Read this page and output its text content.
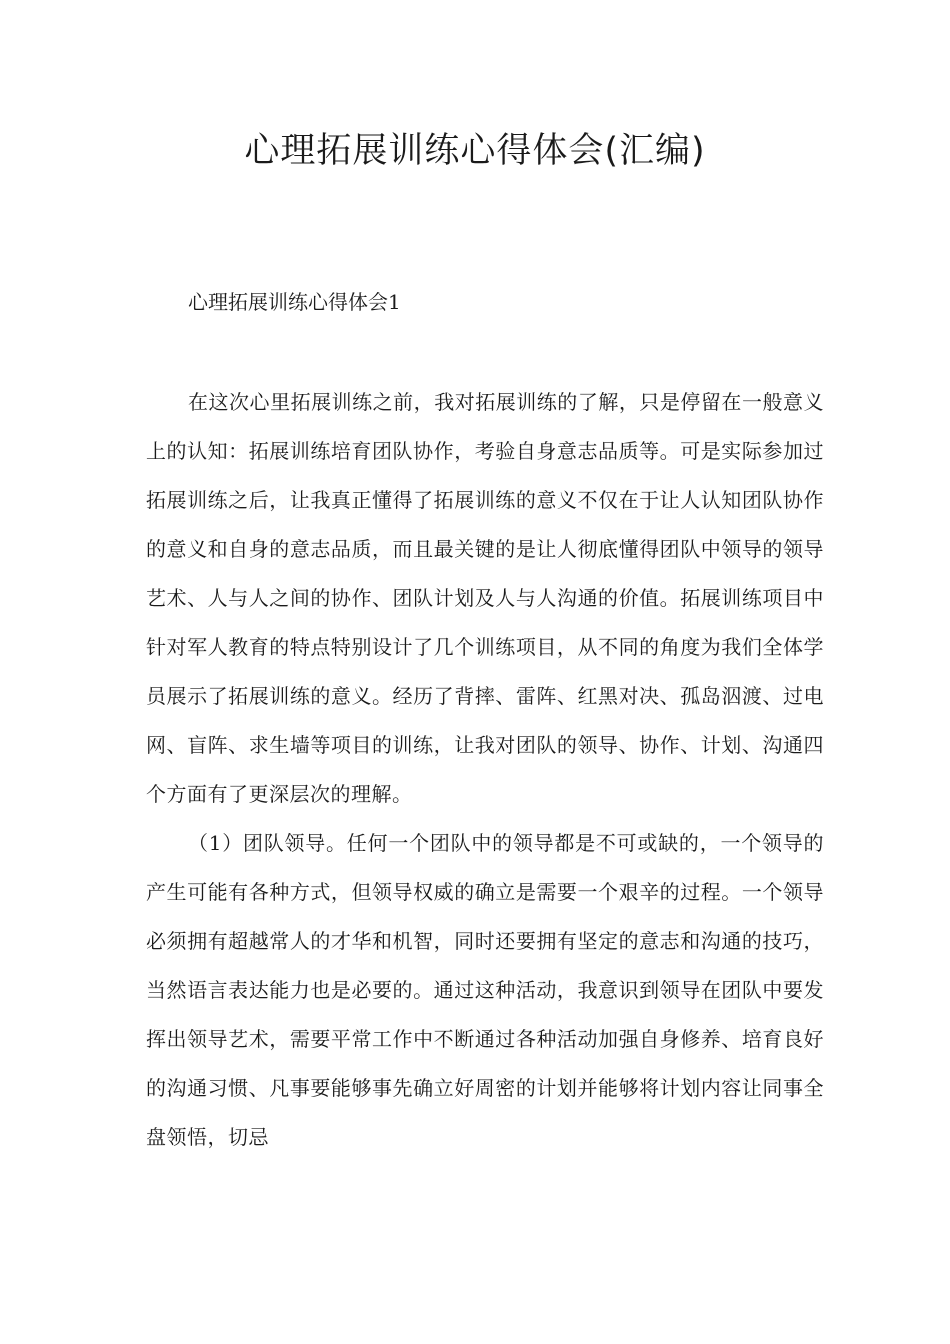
心理拓展训练心得体会(汇编)

心理拓展训练心得体会1

在这次心里拓展训练之前，我对拓展训练的了解，只是停留在一般意义上的认知：拓展训练培育团队协作，考验自身意志品质等。可是实际参加过拓展训练之后，让我真正懂得了拓展训练的意义不仅在于让人认知团队协作的意义和自身的意志品质，而且最关键的是让人彻底懂得团队中领导的领导艺术、人与人之间的协作、团队计划及人与人沟通的价值。拓展训练项目中针对军人教育的特点特别设计了几个训练项目，从不同的角度为我们全体学员展示了拓展训练的意义。经历了背摔、雷阵、红黑对决、孤岛泅渡、过电网、盲阵、求生墙等项目的训练，让我对团队的领导、协作、计划、沟通四个方面有了更深层次的理解。

（1）团队领导。任何一个团队中的领导都是不可或缺的，一个领导的产生可能有各种方式，但领导权威的确立是需要一个艰辛的过程。一个领导必须拥有超越常人的才华和机智，同时还要拥有坚定的意志和沟通的技巧，当然语言表达能力也是必要的。通过这种活动，我意识到领导在团队中要发挥出领导艺术，需要平常工作中不断通过各种活动加强自身修养、培育良好的沟通习惯、凡事要能够事先确立好周密的计划并能够将计划内容让同事全盘领悟，切忌
